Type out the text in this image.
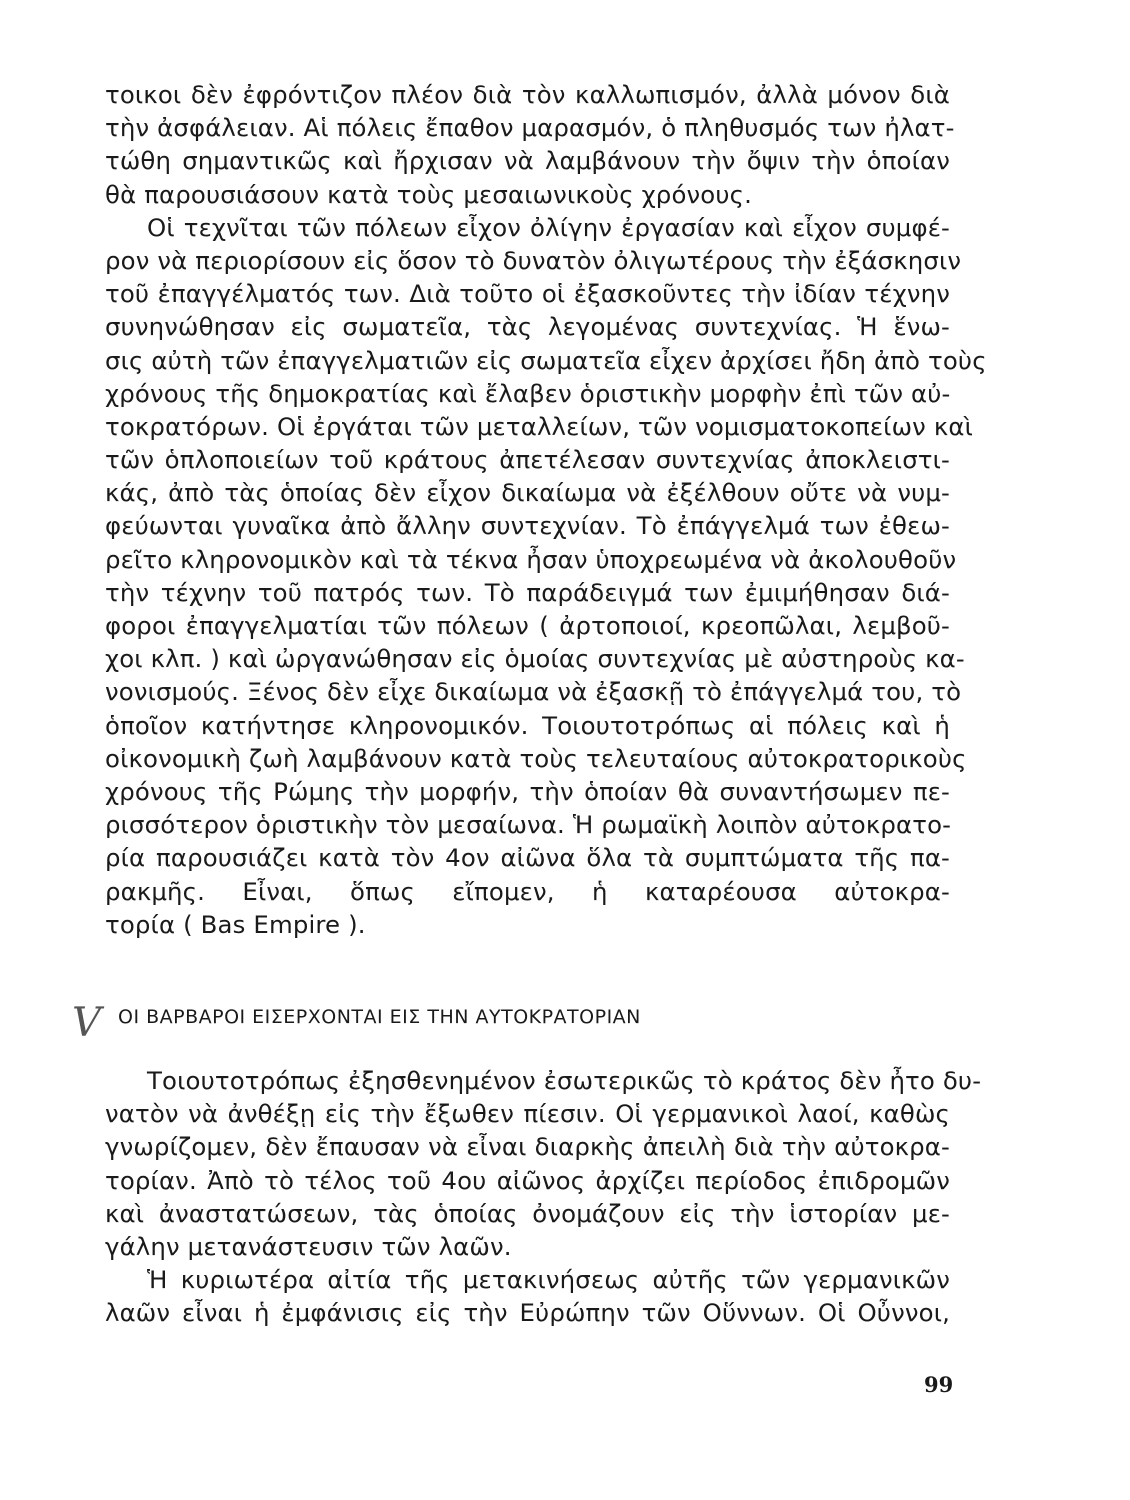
τοικοι δὲν ἐφρόντιζον πλέον διὰ τὸν καλλωπισμόν, ἀλλὰ μόνον διὰ
τὴν ἀσφάλειαν. Αἱ πόλεις ἔπαθον μαρασμόν, ὁ πληθυσμός των ἠλατ-
τώθη σημαντικῶς καὶ ἤρχισαν νὰ λαμβάνουν τὴν ὄψιν τὴν ὁποίαν
θὰ παρουσιάσουν κατὰ τοὺς μεσαιωνικοὺς χρόνους.
Οἱ τεχνῖται τῶν πόλεων εἶχον ὀλίγην ἐργασίαν καὶ εἶχον συμφέ-
ρον νὰ περιορίσουν εἰς ὅσον τὸ δυνατὸν ὀλιγωτέρους τὴν ἐξάσκησιν
τοῦ ἐπαγγέλματός των. Διὰ τοῦτο οἱ ἐξασκοῦντες τὴν ἰδίαν τέχνην
συνηνώθησαν εἰς σωματεῖα, τὰς λεγομένας συντεχνίας. Ἡ ἕνω-
σις αὐτὴ τῶν ἐπαγγελματιῶν εἰς σωματεῖα εἶχεν ἀρχίσει ἤδη ἀπὸ τοὺς
χρόνους τῆς δημοκρατίας καὶ ἔλαβεν ὁριστικὴν μορφὴν ἐπὶ τῶν αὐ-
τοκρατόρων. Οἱ ἐργάται τῶν μεταλλείων, τῶν νομισματοκοπείων καὶ
τῶν ὁπλοποιείων τοῦ κράτους ἀπετέλεσαν συντεχνίας ἀποκλειστι-
κάς, ἀπὸ τὰς ὁποίας δὲν εἶχον δικαίωμα νὰ ἐξέλθουν οὔτε νὰ νυμ-
φεύωνται γυναῖκα ἀπὸ ἄλλην συντεχνίαν. Τὸ ἐπάγγελμά των ἐθεω-
ρεῖτο κληρονομικὸν καὶ τὰ τέκνα ἦσαν ὑποχρεωμένα νὰ ἀκολουθοῦν
τὴν τέχνην τοῦ πατρός των. Τὸ παράδειγμά των ἐμιμήθησαν διά-
φοροι ἐπαγγελματίαι τῶν πόλεων ( ἀρτοποιοί, κρεοπῶλαι, λεμβοῦ-
χοι κλπ. ) καὶ ὠργανώθησαν εἰς ὁμοίας συντεχνίας μὲ αὐστηροὺς κα-
νονισμούς. Ξένος δὲν εἶχε δικαίωμα νὰ ἐξασκῇ τὸ ἐπάγγελμά του, τὸ
ὁποῖον κατήντησε κληρονομικόν. Τοιουτοτρόπως αἱ πόλεις καὶ ἡ
οἰκονομικὴ ζωὴ λαμβάνουν κατὰ τοὺς τελευταίους αὐτοκρατορικοὺς
χρόνους τῆς Ρώμης τὴν μορφήν, τὴν ὁποίαν θὰ συναντήσωμεν πε-
ρισσότερον ὁριστικὴν τὸν μεσαίωνα. Ἡ ρωμαϊκὴ λοιπὸν αὐτοκρατο-
ρία παρουσιάζει κατὰ τὸν 4ον αἰῶνα ὅλα τὰ συμπτώματα τῆς πα-
ρακμῆς. Εἶναι, ὅπως εἴπομεν, ἡ καταρέουσα αὐτοκρα-
τορία ( Bas Empire ).
V ΟΙ ΒΑΡΒΑΡΟΙ ΕΙΣΕΡΧΟΝΤΑΙ ΕΙΣ ΤΗΝ ΑΥΤΟΚΡΑΤΟΡΙΑΝ
Τοιουτοτρόπως ἐξησθενημένον ἐσωτερικῶς τὸ κράτος δὲν ἦτο δυ-
νατὸν νὰ ἀνθέξῃ εἰς τὴν ἔξωθεν πίεσιν. Οἱ γερμανικοὶ λαοί, καθὼς
γνωρίζομεν, δὲν ἔπαυσαν νὰ εἶναι διαρκὴς ἀπειλὴ διὰ τὴν αὐτοκρα-
τορίαν. Ἀπὸ τὸ τέλος τοῦ 4ου αἰῶνος ἀρχίζει περίοδος ἐπιδρομῶν
καὶ ἀναστατώσεων, τὰς ὁποίας ὀνομάζουν εἰς τὴν ἱστορίαν με-
γάλην μετανάστευσιν τῶν λαῶν.
Ἡ κυριωτέρα αἰτία τῆς μετακινήσεως αὐτῆς τῶν γερμανικῶν
λαῶν εἶναι ἡ ἐμφάνισις εἰς τὴν Εὐρώπην τῶν Οὕννων. Οἱ Οὖννοι,
99
